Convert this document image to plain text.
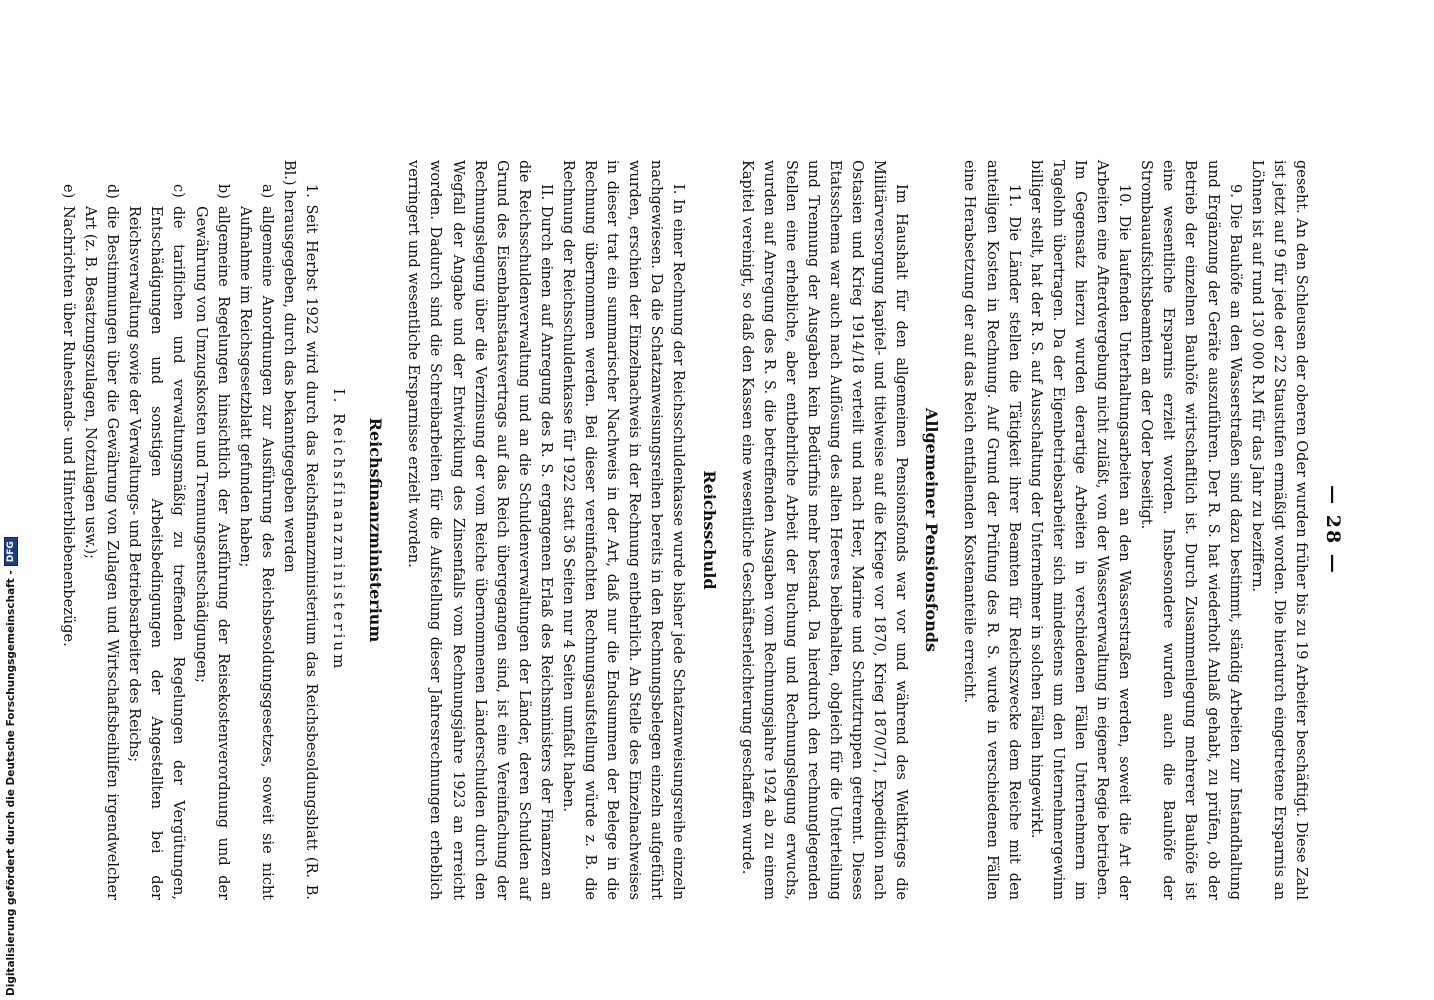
— 28 —

geseht. An den Schleusen der oberen Oder wurden früher bis zu 19 Arbeiter beschäftigt. Diese Zahl ist jetzt auf 9 für jede der 22 Staustufen ermäßigt worden. Die hierdurch eingetretene Ersparnis an Löhnen ist auf rund 130 000 R.M für das Jahr zu beziffern.

9. Die Bauhöfe an den Wasserstraßen sind dazu bestimmt, ständig Arbeiten zur Instandhaltung und Ergänzung der Geräte auszuführen. Der R. S. hat wiederholt Anlaß gehabt, zu prüfen, ob der Betrieb der einzelnen Bauhöfe wirtschaftlich ist. Durch Zusammenlegung mehrerer Bauhöfe ist eine wesentliche Ersparnis erzielt worden. Insbesondere wurden auch die Bauhöfe der Strombauaufsichtsbeamten an der Oder beseitigt.

10. Die laufenden Unterhaltungsarbeiten an den Wasserstraßen werden, soweit die Art der Arbeiten eine Afterdvergebung nicht zuläßt, von der Wasserverwaltung in eigener Regie betrieben. Im Gegensatz hierzu wurden derartige Arbeiten in verschiedenen Fällen Unternehmern im Tagelohn übertragen. Da der Eigenbetriebsarbeiter sich mindestens um den Unternehmergewinn billiger stellt, hat der R. S. auf Ausschaltung der Unternehmer in solchen Fällen hingewirkt.

11. Die Länder stellen die Tätigkeit ihrer Beamten für Reichszwecke dem Reiche mit den anteiligen Kosten in Rechnung. Auf Grund der Prüfung des R. S. wurde in verschiedenen Fällen eine Herabsetzung der auf das Reich entfallenden Kostenanteile erreicht.

Allgemeiner Pensionsfonds

Im Haushalt für den allgemeinen Pensionsfonds war vor und während des Weltkriegs die Militärversorgung kapitel- und titelweise auf die Kriege vor 1870, Krieg 1870/71, Expedition nach Ostasien und Krieg 1914/18 verteilt und nach Heer, Marine und Schutztruppen getrennt. Dieses Etatsschema war auch nach Auflösung des alten Heeres beibehalten, obgleich für die Unterteilung und Trennung der Ausgaben kein Bedürfnis mehr bestand. Da hierdurch den rechnunglegenden Stellen eine erhebliche, aber entbehrliche Arbeit der Buchung und Rechnungslegung erwuchs, wurden auf Anregung des R. S. die betreffenden Ausgaben vom Rechnungsjahre 1924 ab zu einem Kapitel vereinigt, so daß den Kassen eine wesentliche Geschäftserleichterung geschaffen wurde.

Reichsschuld

I. In einer Rechnung der Reichsschuldenkasse wurde bisher jede Schatzanweisungsreihe einzeln nachgewiesen. Da die Schatzanweisungsreihen bereits in den Rechnungsbelegen einzeln aufgeführt wurden, erschien der Einzelnachweis in der Rechnung entbehrlich. An Stelle des Einzelnachweises in dieser trat ein summarischer Nachweis in der Art, daß nur die Endsummen der Belege in die Rechnung übernommen werden. Bei dieser vereinfachten Rechnungsaufstellung würde z. B. die Rechnung der Reichsschuldenkasse für 1922 statt 36 Seiten nur 4 Seiten umfaßt haben.

II. Durch einen auf Anregung des R. S. ergangenen Erlaß des Reichsministers der Finanzen an die Reichsschuldenverwaltung und an die Schuldenverwaltungen der Länder, deren Schulden auf Grund des Eisenbahnstaatsvertrags auf das Reich übergegangen sind, ist eine Vereinfachung der Rechnungslegung über die Verzinsung der vom Reiche übernommenen Länderschulden durch den Wegfall der Angabe und der Entwicklung des Zinsenfalls vom Rechnungsjahre 1923 an erreicht worden. Dadurch sind die Schreibarbeiten für die Aufstellung dieser Jahresrechnungen erheblich verringert und wesentliche Ersparnisse erzielt worden.

Reichsfinanzministerium
I. Reichsfinanzministerium

1. Seit Herbst 1922 wird durch das Reichsfinanzministerium das Reichsbesoldungsblatt (R. B. Bl.) herausgegeben, durch das bekanntgegeben werden

a)
allgemeine Anordnungen zur Ausführung des Reichsbesoldungsgesetzes, soweit sie nicht Aufnahme im Reichsgesetzblatt gefunden haben;
b)
allgemeine Regelungen hinsichtlich der Ausführung der Reisekostenverordnung und der Gewährung von Umzugskosten und Trennungsentschädigungen;
c)
die tariflichen und verwaltungsmäßig zu treffenden Regelungen der Vergütungen, Entschädigungen und sonstigen Arbeitsbedingungen der Angestellten bei der Reichsverwaltung sowie der Verwaltungs- und Betriebsarbeiter des Reichs;
d)
die Bestimmungen über die Gewährung von Zulagen und Wirtschaftsbeihilfen irgendwelcher Art (z. B. Besatzungszulagen, Notzulagen usw.);
e)
Nachrichten über Ruhestands- und Hinterbliebenenbezüge.
Digitalisierung gefördert durch die Deutsche Forschungsgemeinschaft -
DFG
